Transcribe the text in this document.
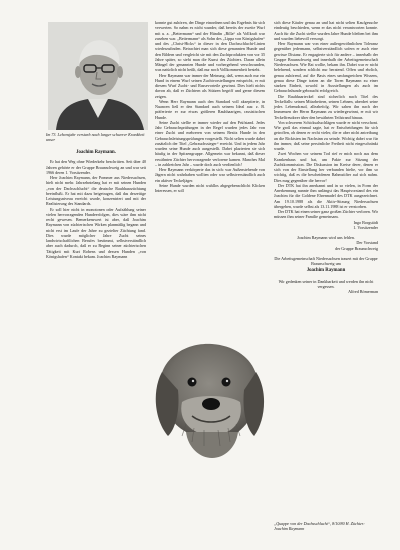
Im 73. Lebensjahr verstarb nach langer schwerer Krankheit unser

Joachim Raymann.

Er hat den Weg ohne Wiederkehr beschritten. Seit über 40 Jahren gehörte er der Gruppe Braunschweig an und war seit 1966 deren 1. Vorsitzender.

Herr Joachim Raymann, der Pommer aus Niedersachsen, hielt nicht mehr. Jahrzehntelang hat er mit seinen Hunden „von der Dachsschlucht“ die deutsche Rauhhaarzüchtung beeinflußt. Er hat mit dazu beigetragen, daß das derzeitige Leistungsniveau erreicht wurde, konzentriert und mit der Realisierung des Standards.

Er soll hier nicht in monotonen oder Aufzählung seiner vielen hervorragenden Hundeerfolgen, dies wäre ihm nicht recht gewesen. Bemerkenswert ist aber, daß Joachim Raymann von züchterischen Wirken planmäßig begann und nicht erst im Laufe der Jahre zu gezielter Züchtung fand. Dies wurde möglicher Jahre Zucht seines landwirtschaftlichen Berufes bestimmt, selbstverständlich aber auch dadurch, daß er zu Beginn seiner züchterischen Tätigkeit mit Kurt Robens und dessen Hunden „von Königshafen“ Kontakt bekam. Joachim Raymann

konnte gut zuhören, der Dinge einordnen und das Ergebnis für sich verwerten. So nahm es nicht wunder, daß bereits der zweite Wurf mit u. a. „Bettermann“ und der Hündin „Billa“ als Vollkraft war zusehen war. „Bettermann“ als Sohn des „Lippa von Königshafen“ und des „Christ-Hicks“ in dieser in den Dachsschlucht-Linien wiederzufinden. Betrachtet man sich diese genannten Hunde und den Bildern und vergleicht sie mit den Zuchtprodukten von vor 35 Jahre später, so sieht man die Kunst des Züchters. Daran allein Mängel der genannten Hunde und vorhergehend verschwunden, was natürlich nicht heißt, daß nur noch Vollkommenheit besteht.

Herr Raymann war immer der Meinung, daß, wenn auch nur ein Hund in einem Wurf seinen Zuchtvorstellungen entspricht, er mit diesem Wurf Zucht- und Rassevorteile gewinnt. Dies hielt nichts davon ab, daß er Züchtern als Stützen begriff und gerne diesem zeigen.

Wenn Herr Raymann auch den Standard voll akzeptierte, in Nuancen ließ er den Standard auch seinem Ideal aus: z. B. präferierte er zur etwas größeren Rauhhaarigen, rassistischen Hunde.

Seine Zucht stellte er immer wieder auf den Prüfstand. Jedes Jahr Gebrauchsprüfungen in der Regel wurden jedes Jahr von einer Zucht und mehreren von seinem Besitz Hunde in den Gebrauchsleistungsprüfungen vorgestellt. Nicht selten wurde dabei zusätzlich der Titel „Gebrauchssieger“ erreicht. Und in jedem Jahr wurden seine Hunde auch ausgestellt. Dabei plazierten sie sich häufig in der Spitzengruppe. Allgemein war bekannt, daß dieser erwähnten Züchter hervorragende verlorene kamen. Manches Mal – in zahlreichen Jahr – wurde doch auch verdienlich!

Herr Raymann verkörperte das in sich: war Außenstehende von Jägern nicht wahrhaben wollten oder war selbstverständlich auch ein aktiver Teckeljäger.

Seine Hunde wurden nicht wahllos abgegebenschlicht Klicken Interessen, er soll

sich diese Käufer genau an und hat nicht selten Kaufgesuche eindeutig beschieden, wenn er das nicht verantworten konnte. Auch für die Zucht stellte wurden Jahre Hunde bleiben bei ihm und wurden liebevoll versorgt.

Herr Raymann war von einer außergewöhnlichen Toleranz gegenüber jedermann, selbstverständlich sofern er auch eine gewisse Distanz. Er engagierte sich für andere – innerhalb der Gruppe Braunschweig und innerhalb der Arbeitsgemeinschaft Niedersachsen. Wie Rat wollte, bekam ihn. Dabei war er nicht belehrend, sondern schlicht nur beratend. Offen und ehrlich, genau zuhörend, auf die Basis eines umfangreichen Wissens, genau diese Dinge traten an die Toren Raymann zu einer starken Einheit, sowohl in Ausstellungen als auch im Gebrauchshunde gebraucht erfolgreich.

Die Rauhhaarteckel sind sicherlich nach Titel des Teckelfalls: seinen Mitarbeitern, seinen Lehnen, uberdrei seine jedes Lebensdraud, alleabefolg. Wir sahen ihn nach der Immensen der Herrn Raymann zu wiedergewinnt, er mit wir Teckelfreudorer über den bewährten Teilstrand hinaus.

Von schwerem Schicksalsschlägen wurde er nicht verschont. Wie groß das einmal sagte, hat er Entscheidungen für sich getroffen, ob denen er recht vieler, die er aber nicht antreibung an die Ricktsten im Nachsinn zu seinde. Wichtig dabei war für ihn immer, daß seine persönliche Freiheit nicht eingeschränkt wurde.

Zwei Wochen vor seinem Tod rief er mich noch aus dem Krankenhaus und bat, um Pakte zur Sitzung der Zuchtkommission. Die Diskussion im Kreise derer, denen er sich von der Einstellung her verbunden hielte, vor ihm so wichtig, daß es die bescheidenen Rahmstifter auf sich nahm. Dies mag gegenüber die hervor!

Der DTK hat ihn anerkannt und in so vielen, in Form der Anerkennung nannte ihm unlängst das Hauptvorstand des ein Joachim für die Goldene Ehrennadel des DTK ausgezeichnet. Am 19.10.1988 als die Aktiv-Sitzung Niedersachsen übergeben, wurde selbst als 13.11.1988 ist er verstorben.

Der DTK hat einen seiner ganz großen Züchter verloren. Wir müssen ihm seiner Familie gemeinsam.

Ingo Borgstädt

1. Vorsitzender

Joachim Raymann wird uns fehlen.

Der Vorstand

der Gruppe Braunschweig

Die Arbeitsgemeinschaft Niedersachsen trauert mit der Gruppe Braunschweig um

Joachim Raymann

Wir gedenken seiner in Dankbarkeit und werden ihn nicht vergessen.

Alfred Bömerman

„Quappe von der Dachsschlucht“, 8/10/80 H. Züchter: Joachim Raymann
